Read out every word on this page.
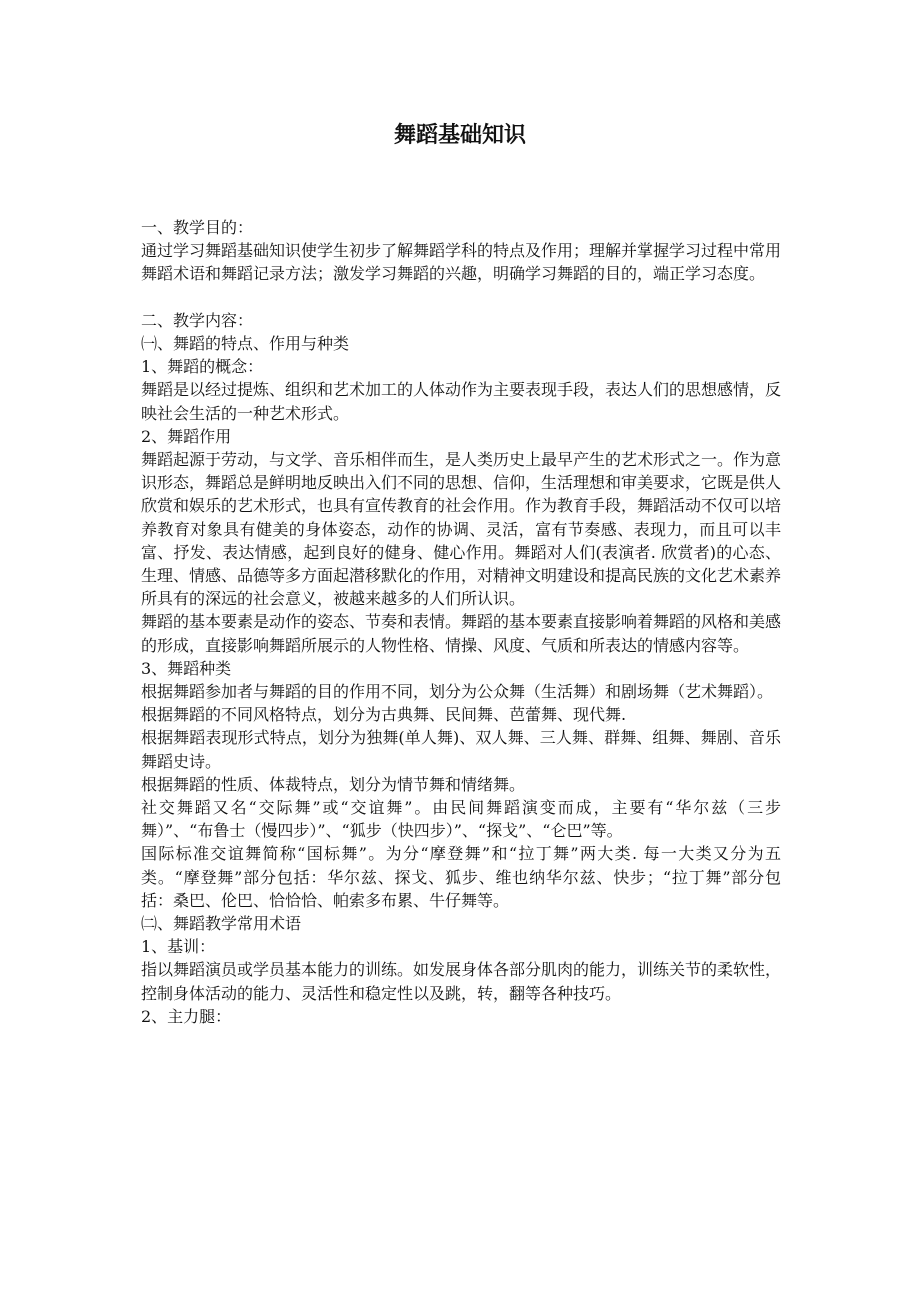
舞蹈基础知识

一、教学目的：

通过学习舞蹈基础知识使学生初步了解舞蹈学科的特点及作用；理解并掌握学习过程中常用舞蹈术语和舞蹈记录方法；激发学习舞蹈的兴趣，明确学习舞蹈的目的，端正学习态度。

二、教学内容：

㈠、舞蹈的特点、作用与种类

1、舞蹈的概念：

舞蹈是以经过提炼、组织和艺术加工的人体动作为主要表现手段，表达人们的思想感情，反映社会生活的一种艺术形式。

2、舞蹈作用

舞蹈起源于劳动，与文学、音乐相伴而生，是人类历史上最早产生的艺术形式之一。作为意识形态，舞蹈总是鲜明地反映出入们不同的思想、信仰，生活理想和审美要求，它既是供人欣赏和娱乐的艺术形式，也具有宣传教育的社会作用。作为教育手段，舞蹈活动不仅可以培养教育对象具有健美的身体姿态，动作的协调、灵活，富有节奏感、表现力，而且可以丰富、抒发、表达情感，起到良好的健身、健心作用。舞蹈对人们(表演者. 欣赏者)的心态、生理、情感、品德等多方面起潜移默化的作用，对精神文明建设和提高民族的文化艺术素养所具有的深远的社会意义，被越来越多的人们所认识。

舞蹈的基本要素是动作的姿态、节奏和表情。舞蹈的基本要素直接影响着舞蹈的风格和美感的形成，直接影响舞蹈所展示的人物性格、情操、风度、气质和所表达的情感内容等。

3、舞蹈种类

根据舞蹈参加者与舞蹈的目的作用不同，划分为公众舞（生活舞）和剧场舞（艺术舞蹈）。

根据舞蹈的不同风格特点，划分为古典舞、民间舞、芭蕾舞、现代舞.

根据舞蹈表现形式特点，划分为独舞(单人舞)、双人舞、三人舞、群舞、组舞、舞剧、音乐舞蹈史诗。

根据舞蹈的性质、体裁特点，划分为情节舞和情绪舞。

社交舞蹈又名“交际舞”或“交谊舞”。由民间舞蹈演变而成，主要有“华尔兹（三步舞）”、“布鲁士（慢四步）”、“狐步（快四步）”、“探戈”、“仑巴”等。

国际标准交谊舞简称“国标舞”。为分“摩登舞”和“拉丁舞”两大类. 每一大类又分为五类。“摩登舞”部分包括：华尔兹、探戈、狐步、维也纳华尔兹、快步；“拉丁舞”部分包括：桑巴、伦巴、恰恰恰、帕索多布累、牛仔舞等。

㈡、舞蹈教学常用术语

1、基训：

指以舞蹈演员或学员基本能力的训练。如发展身体各部分肌肉的能力，训练关节的柔软性，控制身体活动的能力、灵活性和稳定性以及跳，转，翻等各种技巧。

2、主力腿：
